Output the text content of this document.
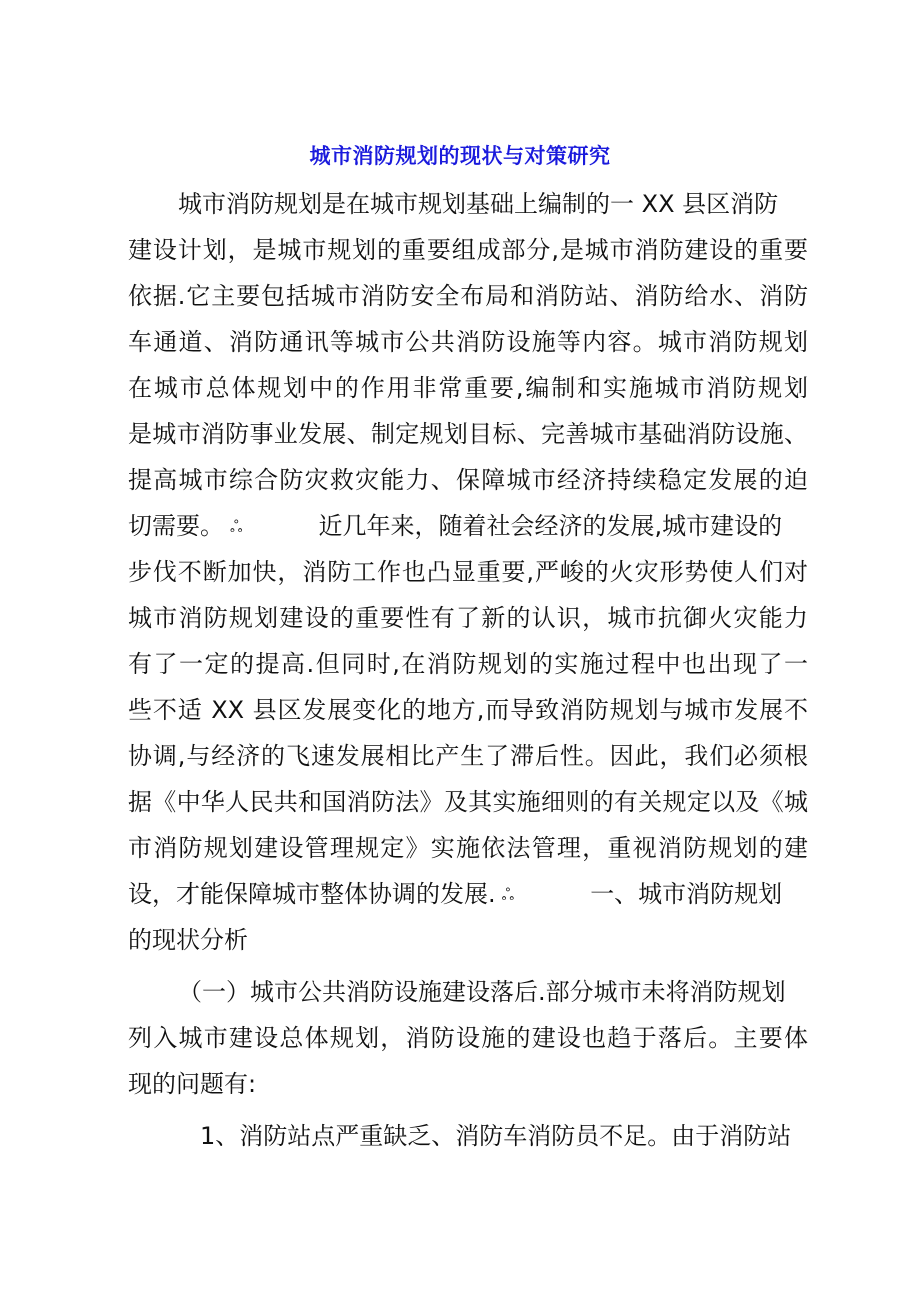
城市消防规划的现状与对策研究
城市消防规划是在城市规划基础上编制的一 XX 县区消防
建设计划，是城市规划的重要组成部分,是城市消防建设的重要
依据.它主要包括城市消防安全布局和消防站、消防给水、消防
车通道、消防通讯等城市公共消防设施等内容。城市消防规划
在城市总体规划中的作用非常重要,编制和实施城市消防规划
是城市消防事业发展、制定规划目标、完善城市基础消防设施、
提高城市综合防灾救灾能力、保障城市经济持续稳定发展的迫
切需要。 ஃ	近几年来，随着社会经济的发展,城市建设的
步伐不断加快，消防工作也凸显重要,严峻的火灾形势使人们对
城市消防规划建设的重要性有了新的认识，城市抗御火灾能力
有了一定的提高.但同时,在消防规划的实施过程中也出现了一
些不适 XX 县区发展变化的地方,而导致消防规划与城市发展不
协调,与经济的飞速发展相比产生了滞后性。因此，我们必须根
据《中华人民共和国消防法》及其实施细则的有关规定以及《城
市消防规划建设管理规定》实施依法管理，重视消防规划的建
设，才能保障城市整体协调的发展. ஃ	一、城市消防规划
的现状分析
（一）城市公共消防设施建设落后.部分城市未将消防规划
列入城市建设总体规划，消防设施的建设也趋于落后。主要体
现的问题有:
1、消防站点严重缺乏、消防车消防员不足。由于消防站
